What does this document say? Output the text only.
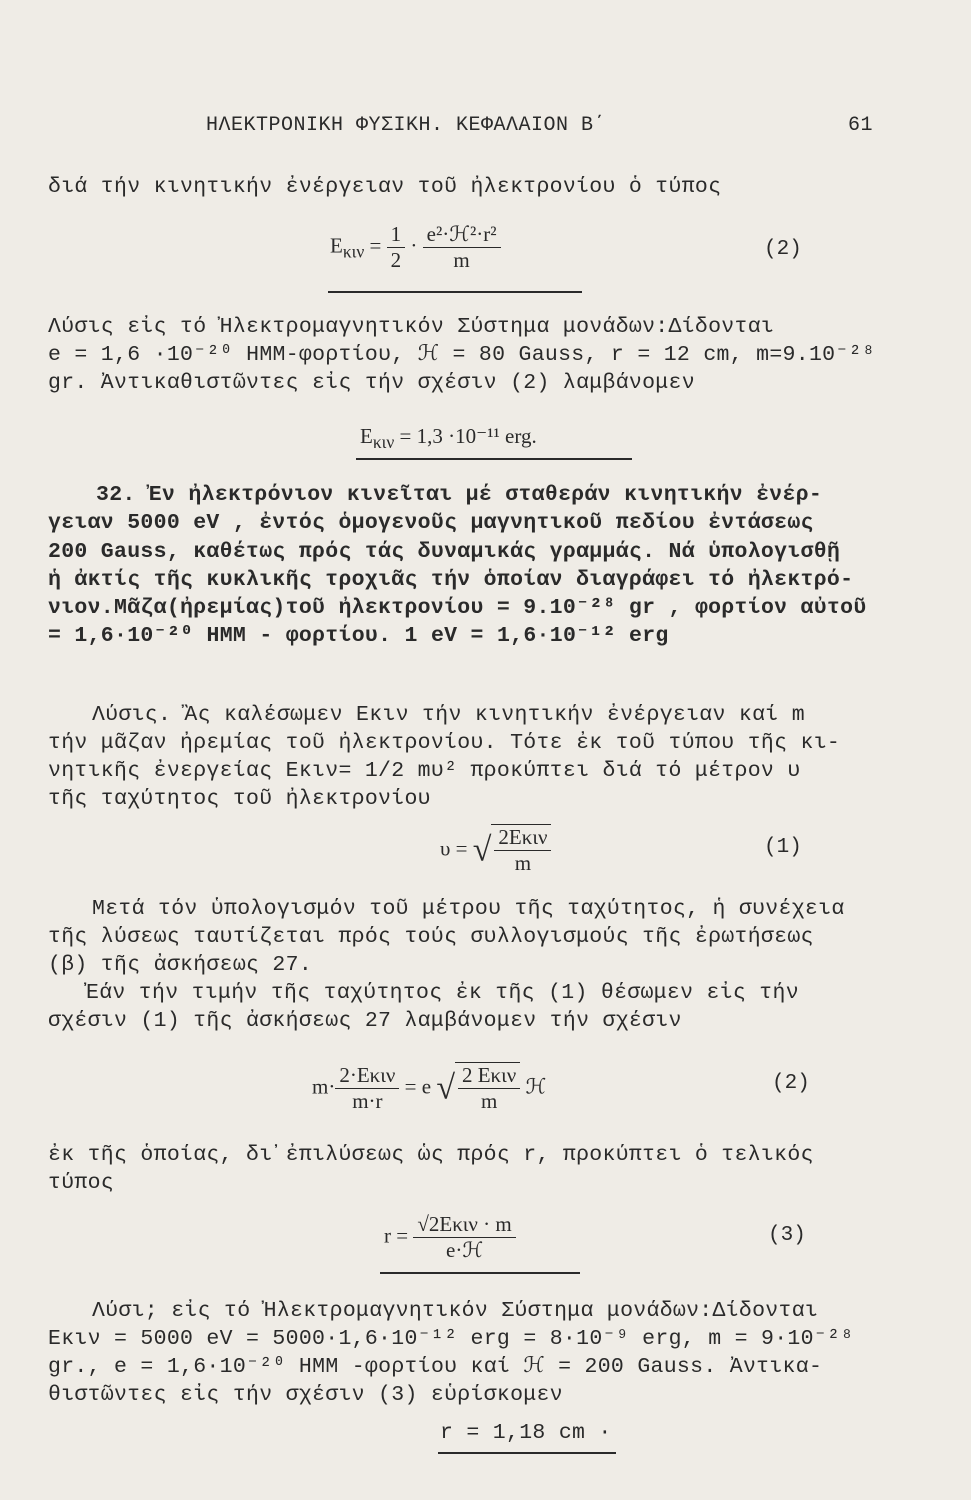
ΗΛΕΚΤΡΟΝΙΚΗ ΦΥΣΙΚΗ. ΚΕΦΑΛΑΙΟΝ Β΄	61
διά τήν κινητικήν ἐνέργειαν τοῦ ἠλεκτρονίου ὁ τύπος
$E_{\kappa\iota\nu} = \frac{1}{2} \cdot \frac{\text{e²·ℋ²·r²}}{m}$	(2)
Λύσις εἰς τό Ἠλεκτρομαγνητικόν Σύστημα μονάδων:Δίδονται
e = 1,6 ·10⁻²⁰ ΗΜΜ-φορτίου, ℋ = 80 Gauss, r = 12 cm, m=9.10⁻²⁸
gr. Ἀντικαθιστῶντες εἰς τήν σχέσιν (2) λαμβάνομεν
$E_{\kappa\iota\nu} = 1,3 \cdot 10^{-11}$ erg.
32. Ἐν ἠλεκτρόνιον κινεῖται μέ σταθεράν κινητικήν ἐνέρ-
γειαν 5000 eV , ἐντός ὁμογενοῦς μαγνητικοῦ πεδίου ἐντάσεως
200 Gauss, καθέτως πρός τάς δυναμικάς γραμμάς. Νά ὑπολογισθῇ
ἡ ἀκτίς τῆς κυκλικῆς τροχιᾶς τήν ὁποίαν διαγράφει τό ἠλεκτρό-
νιον.Μᾶζα(ἠρεμίας)τοῦ ἠλεκτρονίου = 9.10⁻²⁸ gr , φορτίον αὐτοῦ
= 1,6·10⁻²⁰ ΗΜΜ - φορτίου. 1 eV = 1,6·10⁻¹² erg
Λύσις. Ἂς καλέσωμεν Eκιν τήν κινητικήν ἐνέργειαν καί m
τήν μᾶζαν ἠρεμίας τοῦ ἠλεκτρονίου. Τότε ἐκ τοῦ τύπου τῆς κι-
νητικῆς ἐνεργείας Eκιν= 1/2 mυ² προκύπτει διά τό μέτρον υ
τῆς ταχύτητος τοῦ ἠλεκτρονίου
υ = √ $\frac{\text{2Eκιν}}{m}$	(1)
Μετά τόν ὑπολογισμόν τοῦ μέτρου τῆς ταχύτητος, ἡ συνέχεια
τῆς λύσεως ταυτίζεται πρός τούς συλλογισμούς τῆς ἐρωτήσεως
(β) τῆς ἀσκήσεως 27.
Ἐάν τήν τιμήν τῆς ταχύτητος ἐκ τῆς (1) θέσωμεν εἰς τήν
σχέσιν (1) τῆς ἀσκήσεως 27 λαμβάνομεν τήν σχέσιν
$m\cdot \frac{\text{2·Eκιν}}{m\cdot r} = e$ √ $\frac{\text{2 Eκιν}}{m}$ ℋ	(2)
ἐκ τῆς ὁποίας, δι᾿ἐπιλύσεως ὡς πρός r, προκύπτει ὁ τελικός
τύπος
$r = \frac{\text{√2Eκιν · m}}{\text{e·ℋ}}$	(3)
Λύσι; εἰς τό Ἠλεκτρομαγνητικόν Σύστημα μονάδων:Δίδονται
Eκιν = 5000 eV = 5000·1,6·10⁻¹² erg = 8·10⁻⁹ erg, m = 9·10⁻²⁸
gr., e = 1,6·10⁻²⁰ ΗΜΜ -φορτίου καί ℋ = 200 Gauss. Ἀντικα-
θιστῶντες εἰς τήν σχέσιν (3) εὑρίσκομεν
r = 1,18 cm ·
